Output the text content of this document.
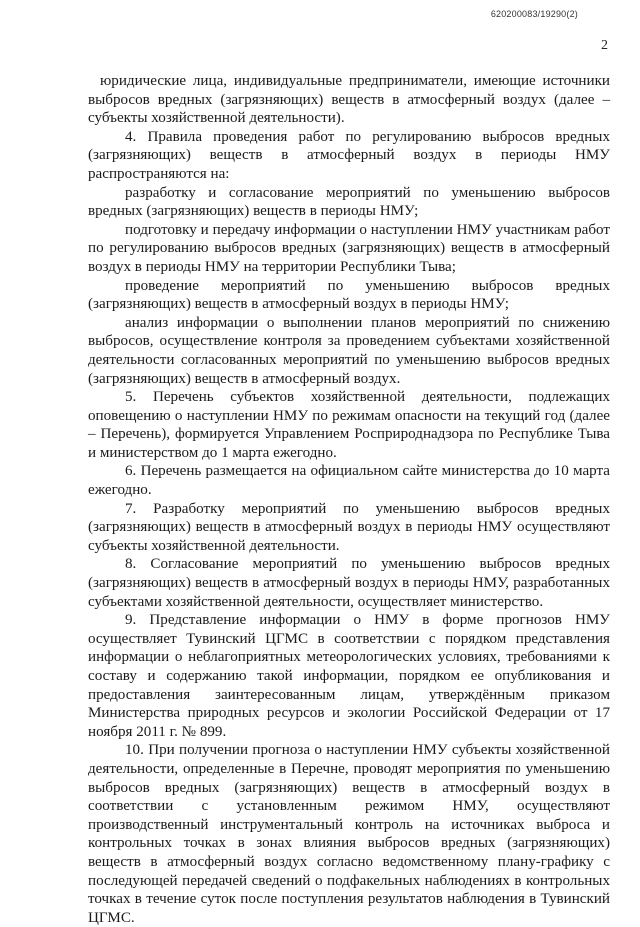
620200083/19290(2)
2

юридические лица, индивидуальные предприниматели, имеющие источники выбросов вредных (загрязняющих) веществ в атмосферный воздух (далее – субъекты хозяйственной деятельности).

4. Правила проведения работ по регулированию выбросов вредных (загрязняющих) веществ в атмосферный воздух в периоды НМУ распространяются на:

разработку и согласование мероприятий по уменьшению выбросов вредных (загрязняющих) веществ в периоды НМУ;

подготовку и передачу информации о наступлении НМУ участникам работ по регулированию выбросов вредных (загрязняющих) веществ в атмосферный воздух в периоды НМУ на территории Республики Тыва;

проведение мероприятий по уменьшению выбросов вредных (загрязняющих) веществ в атмосферный воздух в периоды НМУ;

анализ информации о выполнении планов мероприятий по снижению выбросов, осуществление контроля за проведением субъектами хозяйственной деятельности согласованных мероприятий по уменьшению выбросов вредных (загрязняющих) веществ в атмосферный воздух.

5. Перечень субъектов хозяйственной деятельности, подлежащих оповещению о наступлении НМУ по режимам опасности на текущий год (далее – Перечень), формируется Управлением Росприроднадзора по Республике Тыва и министерством до 1 марта ежегодно.

6. Перечень размещается на официальном сайте министерства до 10 марта ежегодно.

7. Разработку мероприятий по уменьшению выбросов вредных (загрязняющих) веществ в атмосферный воздух в периоды НМУ осуществляют субъекты хозяйственной деятельности.

8. Согласование мероприятий по уменьшению выбросов вредных (загрязняющих) веществ в атмосферный воздух в периоды НМУ, разработанных субъектами хозяйственной деятельности, осуществляет министерство.

9. Представление информации о НМУ в форме прогнозов НМУ осуществляет Тувинский ЦГМС в соответствии с порядком представления информации о неблагоприятных метеорологических условиях, требованиями к составу и содержанию такой информации, порядком ее опубликования и предоставления заинтересованным лицам, утверждённым приказом Министерства природных ресурсов и экологии Российской Федерации от 17 ноября 2011 г. № 899.

10. При получении прогноза о наступлении НМУ субъекты хозяйственной деятельности, определенные в Перечне, проводят мероприятия по уменьшению выбросов вредных (загрязняющих) веществ в атмосферный воздух в соответствии с установленным режимом НМУ, осуществляют производственный инструментальный контроль на источниках выброса и контрольных точках в зонах влияния выбросов вредных (загрязняющих) веществ в атмосферный воздух согласно ведомственному плану-графику с последующей передачей сведений о подфакельных наблюдениях в контрольных точках в течение суток после поступления результатов наблюдения в Тувинский ЦГМС.
